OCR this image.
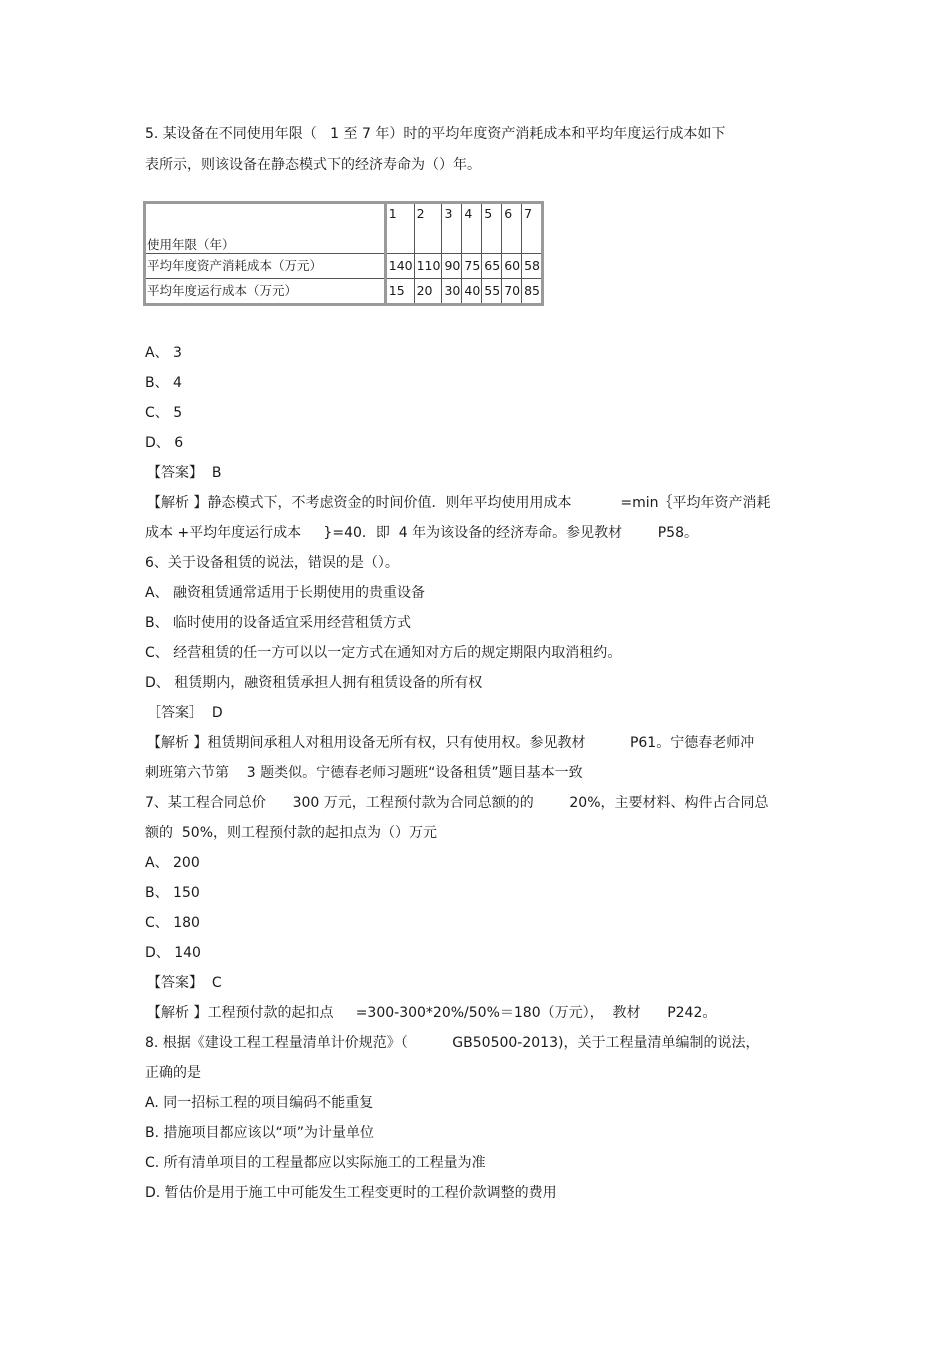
5. 某设备在不同使用年限（   1 至 7 年）时的平均年度资产消耗成本和平均年度运行成本如下
表所示，则该设备在静态模式下的经济寿命为（）年。
使用年限（年）	1	2	3	4	5	6	7
平均年度资产消耗成本（万元）	140	110	90	75	65	60	58
平均年度运行成本（万元）	15	20	30	40	55	70	85
A、 3
B、 4
C、 5
D、 6
【答案】  B
【解析 】静态模式下，不考虑资金的时间价值．则年平均使用用成本           =min｛平均年资产消耗
成本 +平均年度运行成本     }=40．即  4 年为该设备的经济寿命。参见教材        P58。
6、关于设备租赁的说法，错误的是（）。
A、 融资租赁通常适用于长期使用的贵重设备
B、 临时使用的设备适宜采用经营租赁方式
C、 经营租赁的任一方可以以一定方式在通知对方后的规定期限内取消租约。
D、 租赁期内，融资租赁承担人拥有租赁设备的所有权
［答案］  D
【解析 】租赁期间承租人对租用设备无所有权，只有使用权。参见教材          P61。宁德春老师冲
刺班第六节第    3 题类似。宁德春老师习题班“设备租赁”题目基本一致
7、某工程合同总价      300 万元，工程预付款为合同总额的的        20%，主要材料、构件占合同总
额的  50%，则工程预付款的起扣点为（）万元
A、 200
B、 150
C、 180
D、 140
【答案】  C
【解析 】工程预付款的起扣点     =300-300*20%/50%＝180（万元），  教材      P242。
8. 根据《建设工程工程量清单计价规范》（          GB50500-2013)，关于工程量清单编制的说法，
正确的是
A. 同一招标工程的项目编码不能重复
B. 措施项目都应该以“项”为计量单位
C. 所有清单项目的工程量都应以实际施工的工程量为准
D. 暂估价是用于施工中可能发生工程变更时的工程价款调整的费用
